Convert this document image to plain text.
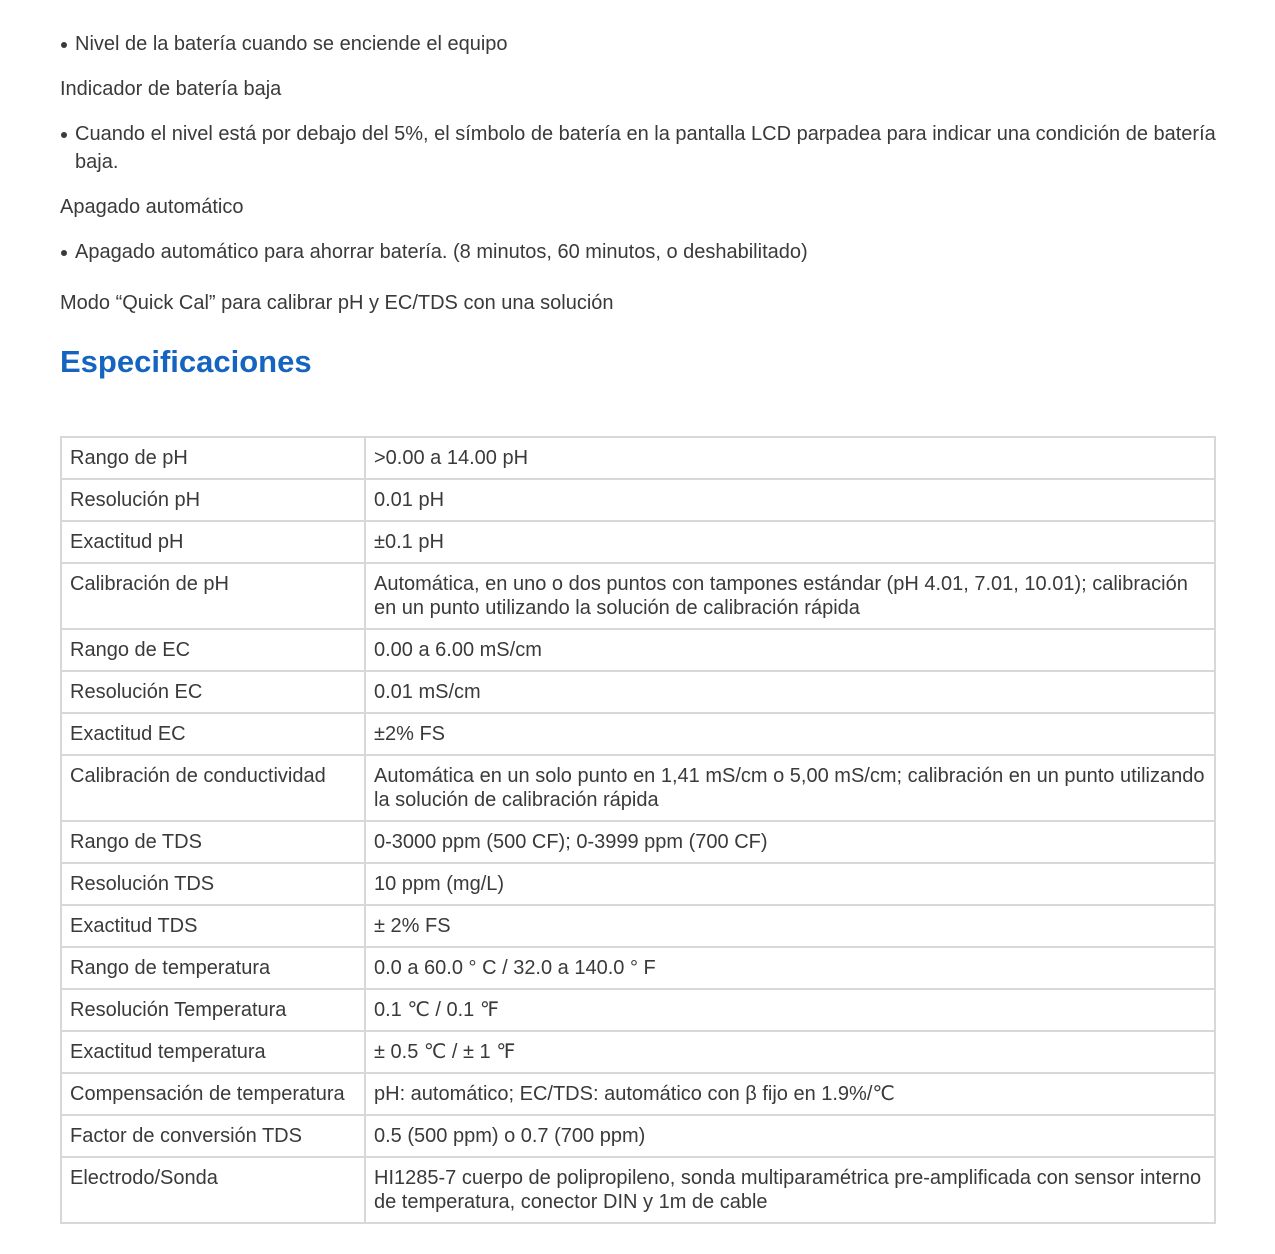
Nivel de la batería cuando se enciende el equipo

Indicador de batería baja

Cuando el nivel está por debajo del 5%, el símbolo de batería en la pantalla LCD parpadea para indicar una condición de batería baja.

Apagado automático

Apagado automático para ahorrar batería. (8 minutos, 60 minutos, o deshabilitado)

Modo “Quick Cal” para calibrar pH y EC/TDS con una solución

Especificaciones
Rango de pH	>0.00 a 14.00 pH
Resolución pH	0.01 pH
Exactitud pH	±0.1 pH
Calibración de pH	Automática, en uno o dos puntos con tampones estándar (pH 4.01, 7.01, 10.01); calibración en un punto utilizando la solución de calibración rápida
Rango de EC	0.00 a 6.00 mS/cm
Resolución EC	0.01 mS/cm
Exactitud EC	±2% FS
Calibración de conductividad	Automática en un solo punto en 1,41 mS/cm o 5,00 mS/cm; calibración en un punto utilizando la solución de calibración rápida
Rango de TDS	0-3000 ppm (500 CF); 0-3999 ppm (700 CF)
Resolución TDS	10 ppm (mg/L)
Exactitud TDS	± 2% FS
Rango de temperatura	0.0 a 60.0 ° C / 32.0 a 140.0 ° F
Resolución Temperatura	0.1 ℃ / 0.1 ℉
Exactitud temperatura	± 0.5 ℃ / ± 1 ℉
Compensación de temperatura	pH: automático; EC/TDS: automático con β fijo en 1.9%/℃
Factor de conversión TDS	0.5 (500 ppm) o 0.7 (700 ppm)
Electrodo/Sonda	HI1285-7 cuerpo de polipropileno, sonda multiparamétrica pre-amplificada con sensor interno de temperatura, conector DIN y 1m de cable
